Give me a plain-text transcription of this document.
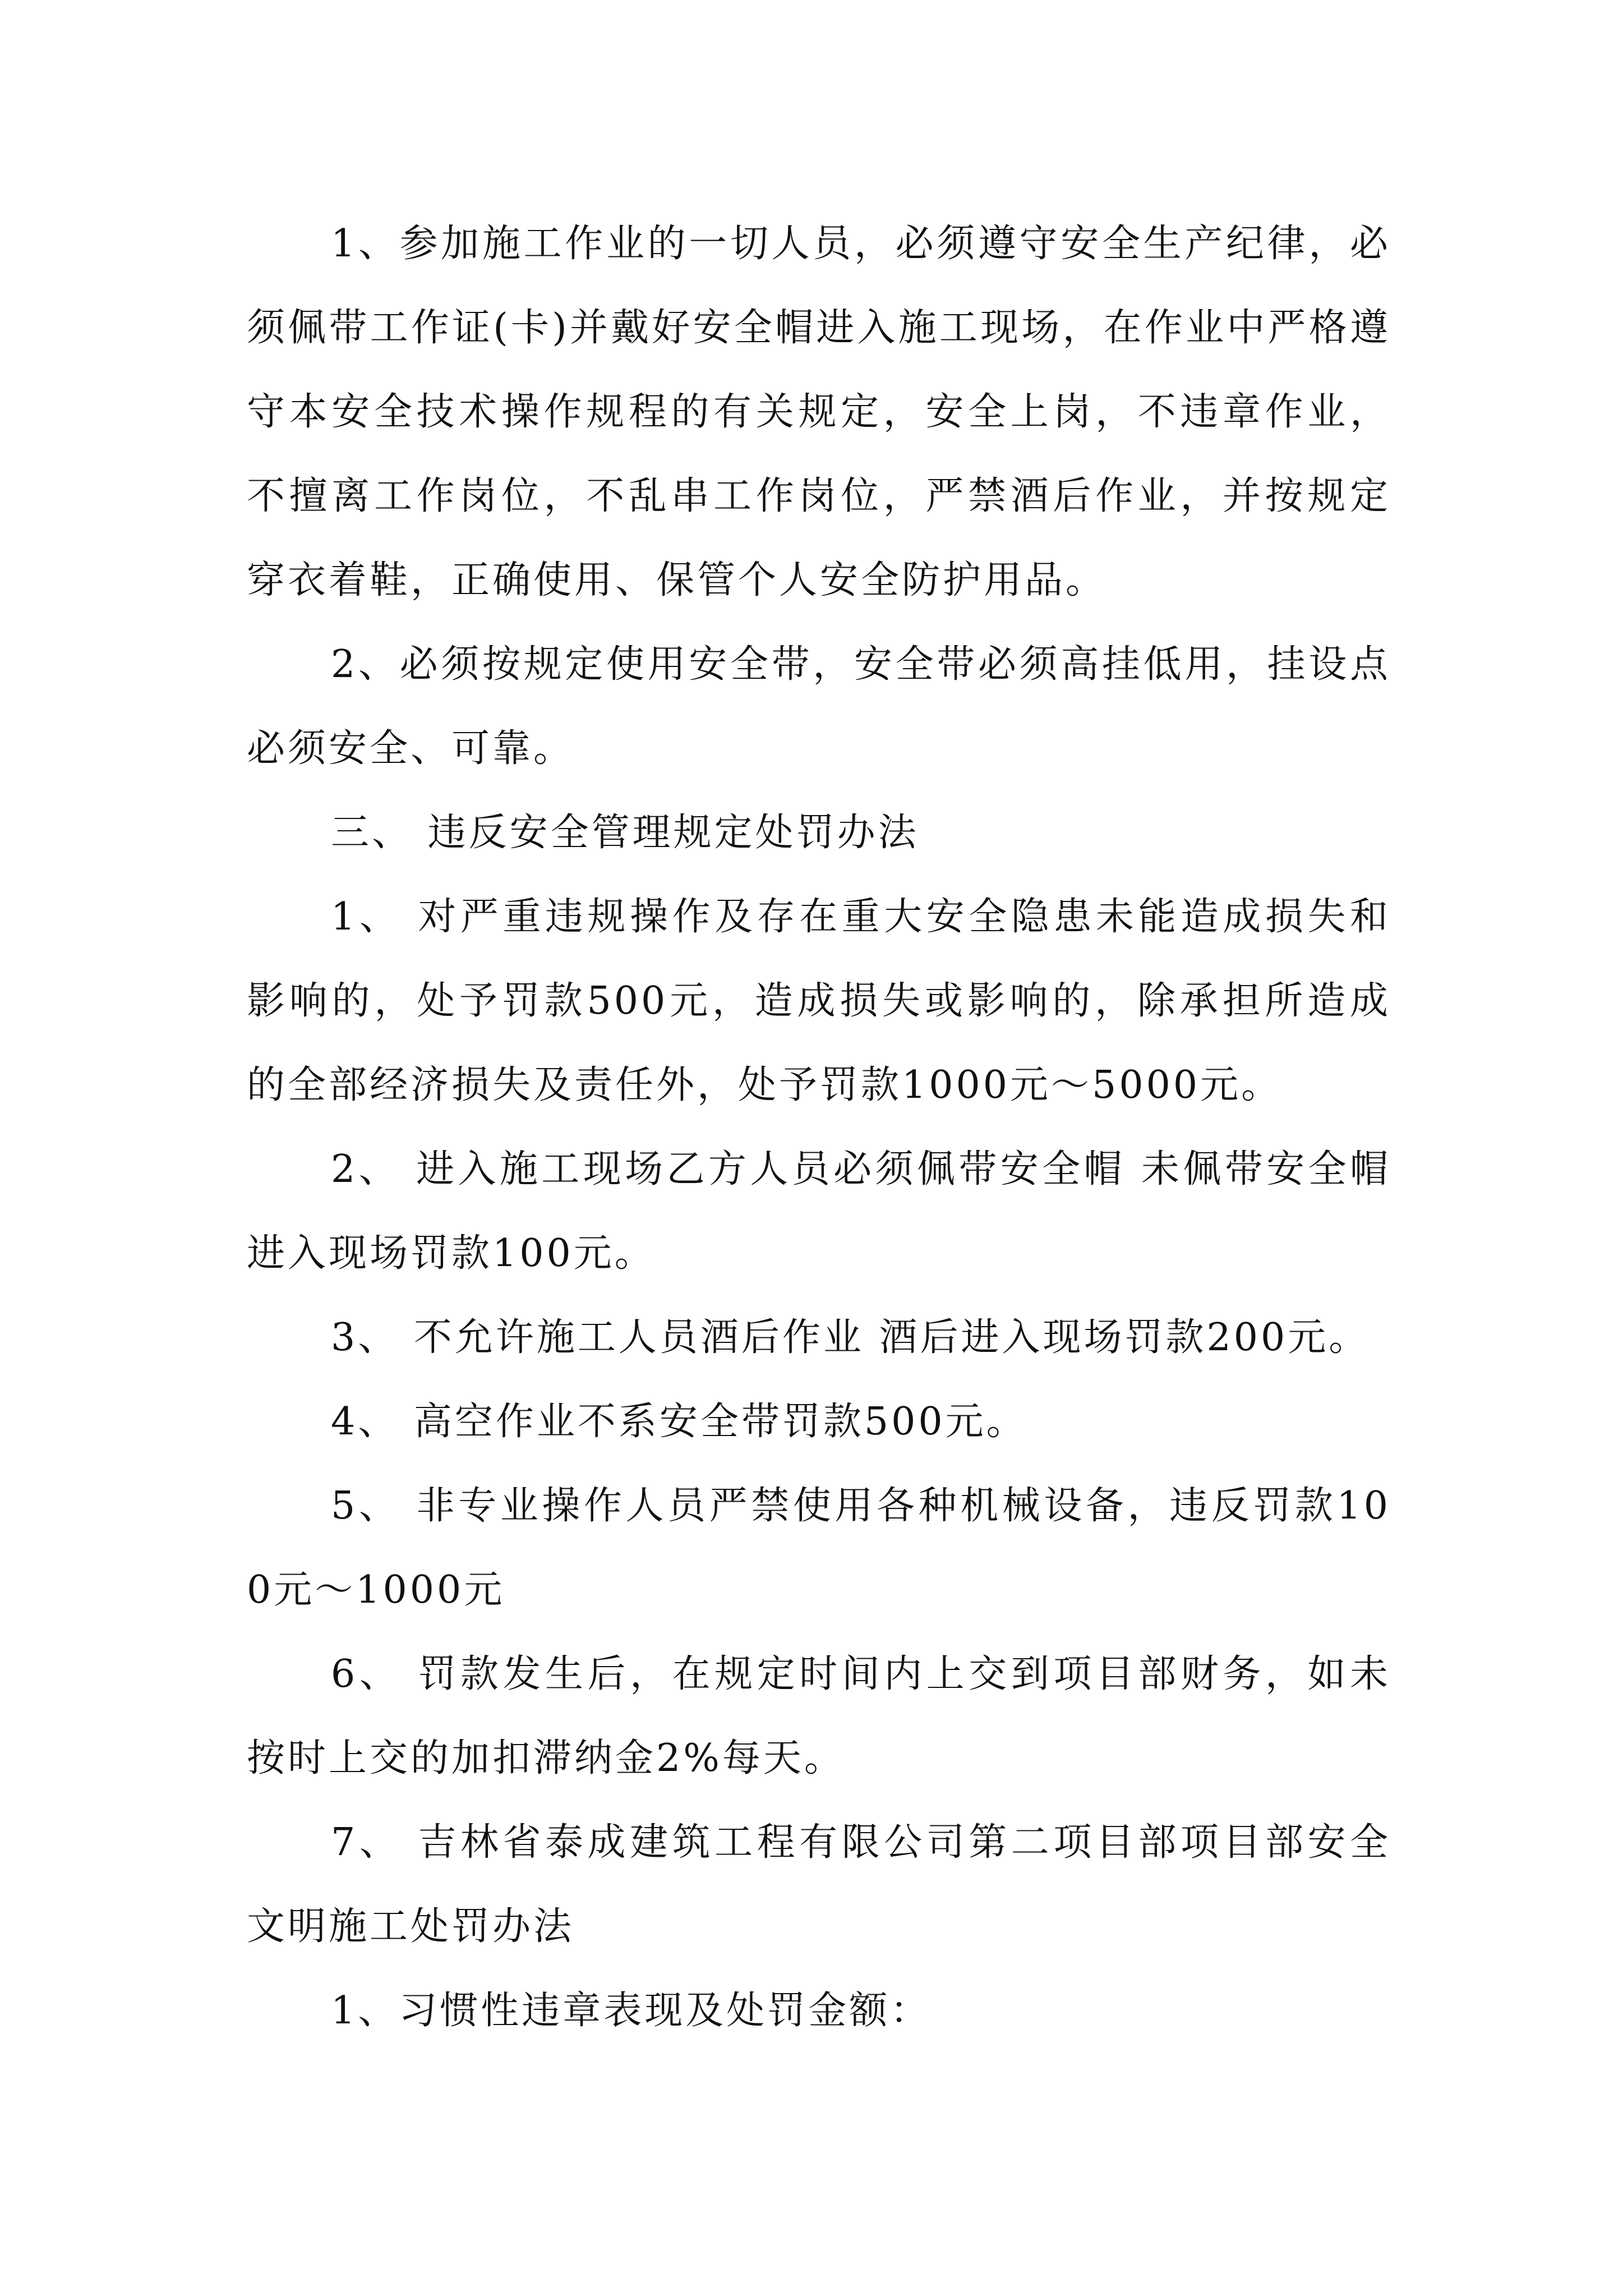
1、参加施工作业的一切人员，必须遵守安全生产纪律，必须佩带工作证(卡)并戴好安全帽进入施工现场，在作业中严格遵守本安全技术操作规程的有关规定，安全上岗，不违章作业，不擅离工作岗位，不乱串工作岗位，严禁酒后作业，并按规定穿衣着鞋，正确使用、保管个人安全防护用品。

2、必须按规定使用安全带，安全带必须高挂低用，挂设点必须安全、可靠。

三、 违反安全管理规定处罚办法

1、 对严重违规操作及存在重大安全隐患未能造成损失和影响的，处予罚款500元，造成损失或影响的，除承担所造成的全部经济损失及责任外，处予罚款1000元～5000元。

2、 进入施工现场乙方人员必须佩带安全帽 未佩带安全帽进入现场罚款100元。

3、 不允许施工人员酒后作业 酒后进入现场罚款200元。

4、 高空作业不系安全带罚款500元。

5、 非专业操作人员严禁使用各种机械设备，违反罚款100元～1000元

6、 罚款发生后，在规定时间内上交到项目部财务，如未按时上交的加扣滞纳金2%每天。

7、 吉林省泰成建筑工程有限公司第二项目部项目部安全文明施工处罚办法

1、习惯性违章表现及处罚金额：
